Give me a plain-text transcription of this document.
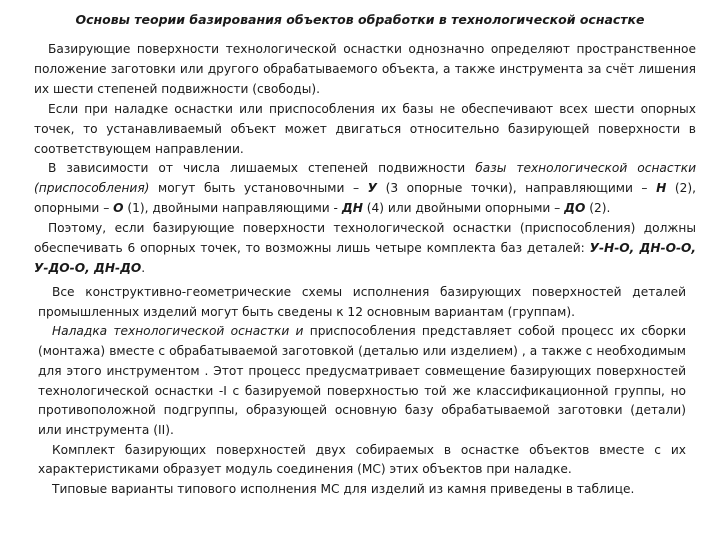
Основы теории базирования объектов обработки в технологической оснастке

Базирующие поверхности технологической оснастки однозначно определяют пространственное положение заготовки или другого обрабатываемого объекта, а также инструмента за счёт лишения их шести степеней подвижности (свободы).

Если при наладке оснастки или приспособления их базы не обеспечивают всех шести опорных точек, то устанавливаемый объект может двигаться относительно базирующей поверхности в соответствующем направлении.

В зависимости от числа лишаемых степеней подвижности базы технологической оснастки (приспособления) могут быть установочными – У (3 опорные точки), направляющими – Н (2), опорными – О (1), двойными направляющими - ДН (4) или двойными опорными – ДО (2).

Поэтому, если базирующие поверхности технологической оснастки (приспособления) должны обеспечивать 6 опорных точек, то возможны лишь четыре комплекта баз деталей: У-Н-О, ДН-О-О, У-ДО-О, ДН-ДО.

Все конструктивно-геометрические схемы исполнения базирующих поверхностей деталей промышленных изделий могут быть сведены к 12 основным вариантам (группам).

Наладка технологической оснастки и приспособления представляет собой процесс их сборки (монтажа) вместе с обрабатываемой заготовкой (деталью или изделием) , а также с необходимым для этого инструментом . Этот процесс предусматривает совмещение базирующих поверхностей технологической оснастки -I с базируемой поверхностью той же классификационной группы, но противоположной подгруппы, образующей основную базу обрабатываемой заготовки (детали) или инструмента (II).

Комплект базирующих поверхностей двух собираемых в оснастке объектов вместе с их характеристиками образует модуль соединения (МС) этих объектов при наладке.

Типовые варианты типового исполнения МС для изделий из камня приведены в таблице.
